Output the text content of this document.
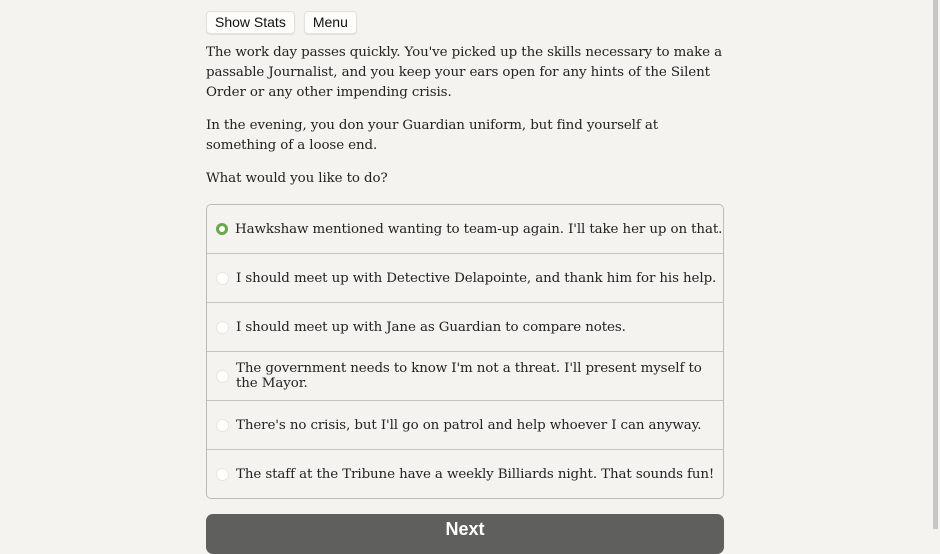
Show Stats	Menu

The work day passes quickly. You've picked up the skills necessary to make a passable Journalist, and you keep your ears open for any hints of the Silent Order or any other impending crisis.

In the evening, you don your Guardian uniform, but find yourself at something of a loose end.

What would you like to do?

Hawkshaw mentioned wanting to team-up again. I'll take her up on that.
I should meet up with Detective Delapointe, and thank him for his help.
I should meet up with Jane as Guardian to compare notes.
The government needs to know I'm not a threat. I'll present myself to the Mayor.
There's no crisis, but I'll go on patrol and help whoever I can anyway.
The staff at the Tribune have a weekly Billiards night. That sounds fun!
Next
